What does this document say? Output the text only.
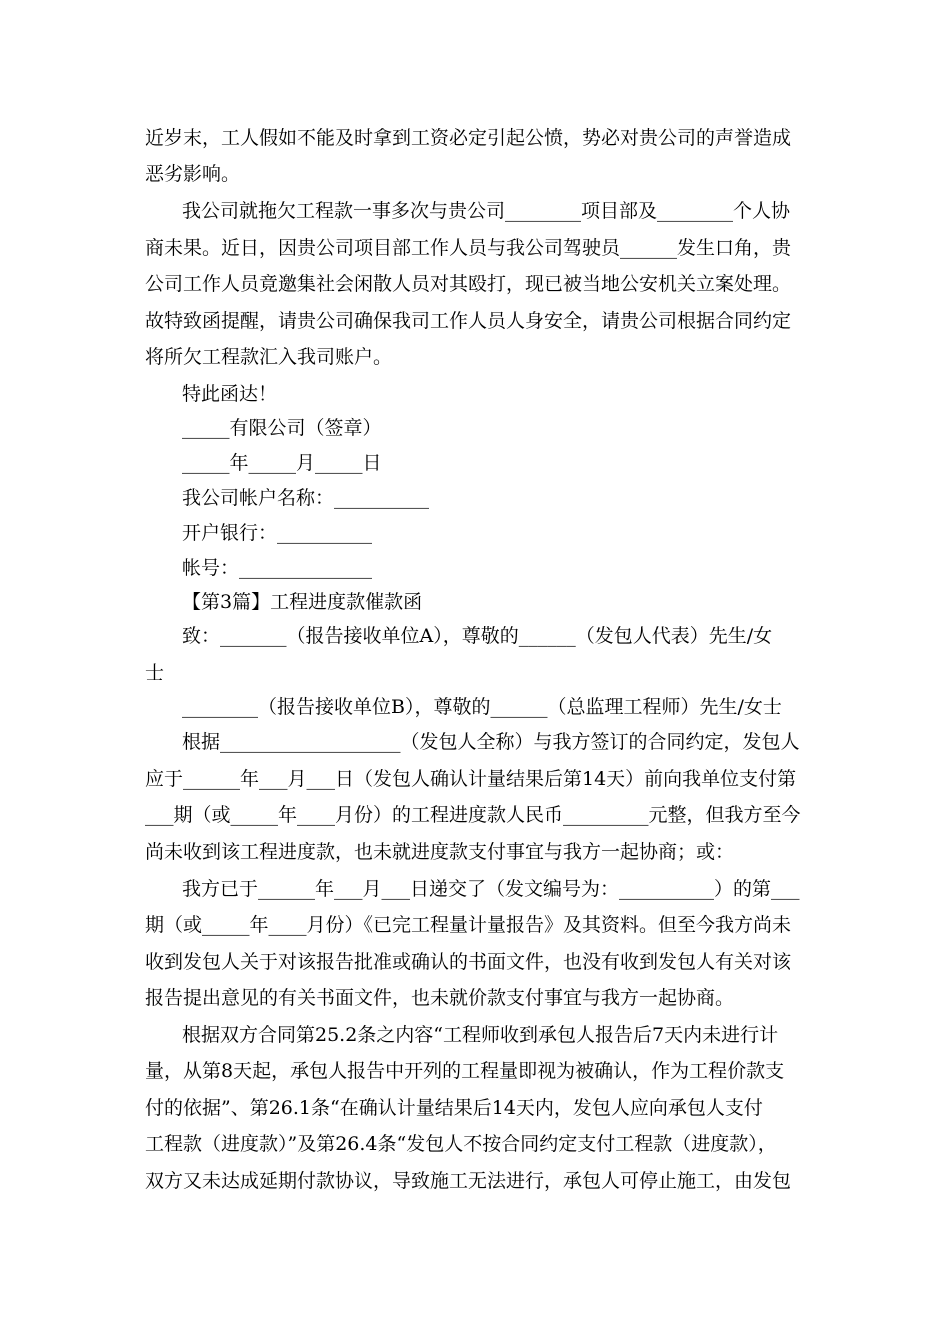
近岁末，工人假如不能及时拿到工资必定引起公愤，势必对贵公司的声誉造成
恶劣影响。
我公司就拖欠工程款一事多次与贵公司________项目部及________个人协
商未果。近日，因贵公司项目部工作人员与我公司驾驶员______发生口角，贵
公司工作人员竟邀集社会闲散人员对其殴打，现已被当地公安机关立案处理。
故特致函提醒，请贵公司确保我司工作人员人身安全，请贵公司根据合同约定
将所欠工程款汇入我司账户。
特此函达！
_____有限公司（签章）
_____年_____月_____日
我公司帐户名称：__________
开户银行：__________
帐号：______________
【第3篇】工程进度款催款函
致：_______（报告接收单位A），尊敬的______（发包人代表）先生/女
士
________（报告接收单位B），尊敬的______（总监理工程师）先生/女士
根据___________________（发包人全称）与我方签订的合同约定，发包人
应于______年___月___日（发包人确认计量结果后第14天）前向我单位支付第
___期（或_____年____月份）的工程进度款人民币_________元整，但我方至今
尚未收到该工程进度款，也未就进度款支付事宜与我方一起协商；或：
我方已于______年___月___日递交了（发文编号为：__________）的第___
期（或_____年____月份）《已完工程量计量报告》及其资料。但至今我方尚未
收到发包人关于对该报告批准或确认的书面文件，也没有收到发包人有关对该
报告提出意见的有关书面文件，也未就价款支付事宜与我方一起协商。
根据双方合同第25.2条之内容“工程师收到承包人报告后7天内未进行计
量，从第8天起，承包人报告中开列的工程量即视为被确认，作为工程价款支
付的依据”、第26.1条“在确认计量结果后14天内，发包人应向承包人支付
工程款（进度款）”及第26.4条“发包人不按合同约定支付工程款（进度款），
双方又未达成延期付款协议，导致施工无法进行，承包人可停止施工，由发包
